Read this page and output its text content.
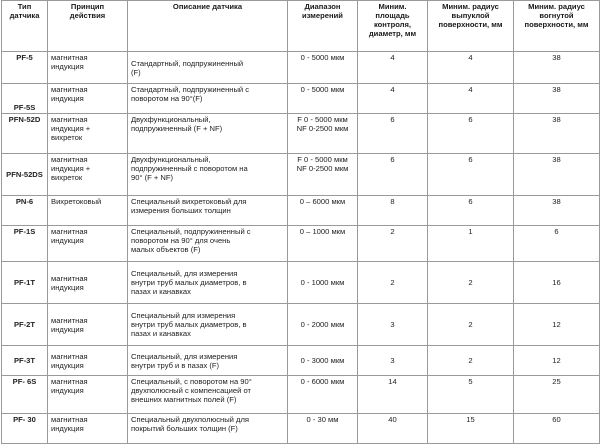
Тип
датчика	Принцип
действия	Описание датчика	Диапазон
измерений	Миним.
площадь
контроля,
диаметр, мм	Миним. радиус
выпуклой
поверхности, мм	Миним. радиус
вогнутой
поверхности, мм
PF-5	магнитная
индукция	Стандартный, подпружиненный
(F)	0 - 5000 мкм	4	4	38
PF-5S	магнитная
индукция	Стандартный, подпружиненный с
поворотом на 90°(F)	0 - 5000 мкм	4	4	38
PFN-52D	магнитная
индукция +
вихреток	Двухфункциональный,
подпружиненный (F + NF)	F 0 - 5000 мкм
NF 0-2500 мкм	6	6	38
PFN-52DS	магнитная
индукция +
вихреток	Двухфункциональный,
подпружиненный с поворотом на
90° (F + NF)	F 0 - 5000 мкм
NF 0-2500 мкм	6	6	38
PN-6	Вихретоковый	Специальный вихретоковый для
измерения больших толщин	0 – 6000 мкм	8	6	38
PF-1S	магнитная
индукция	Специальный, подпружиненный с
поворотом на 90° для очень
малых объектов (F)	0 – 1000 мкм	2	1	6
PF-1T	магнитная
индукция	Специальный, для измерения
внутри труб малых диаметров, в
пазах и канавках	0 - 1000 мкм	2	2	16
PF-2T	магнитная
индукция	Специальный для измерения
внутри труб малых диаметров, в
пазах и канавках	0 - 2000 мкм	3	2	12
PF-3T	магнитная
индукция	Специальный, для измерения
внутри труб и в пазах (F)	0 - 3000 мкм	3	2	12
PF- 6S	магнитная
индукция	Специальный, с поворотом на 90°
двухполюсный с компенсацией от
внешних магнитных полей (F)	0 - 6000 мкм	14	5	25
PF- 30	магнитная
индукция	Специальный двухполюсный для
покрытий больших толщин (F)	0 - 30 мм	40	15	60
